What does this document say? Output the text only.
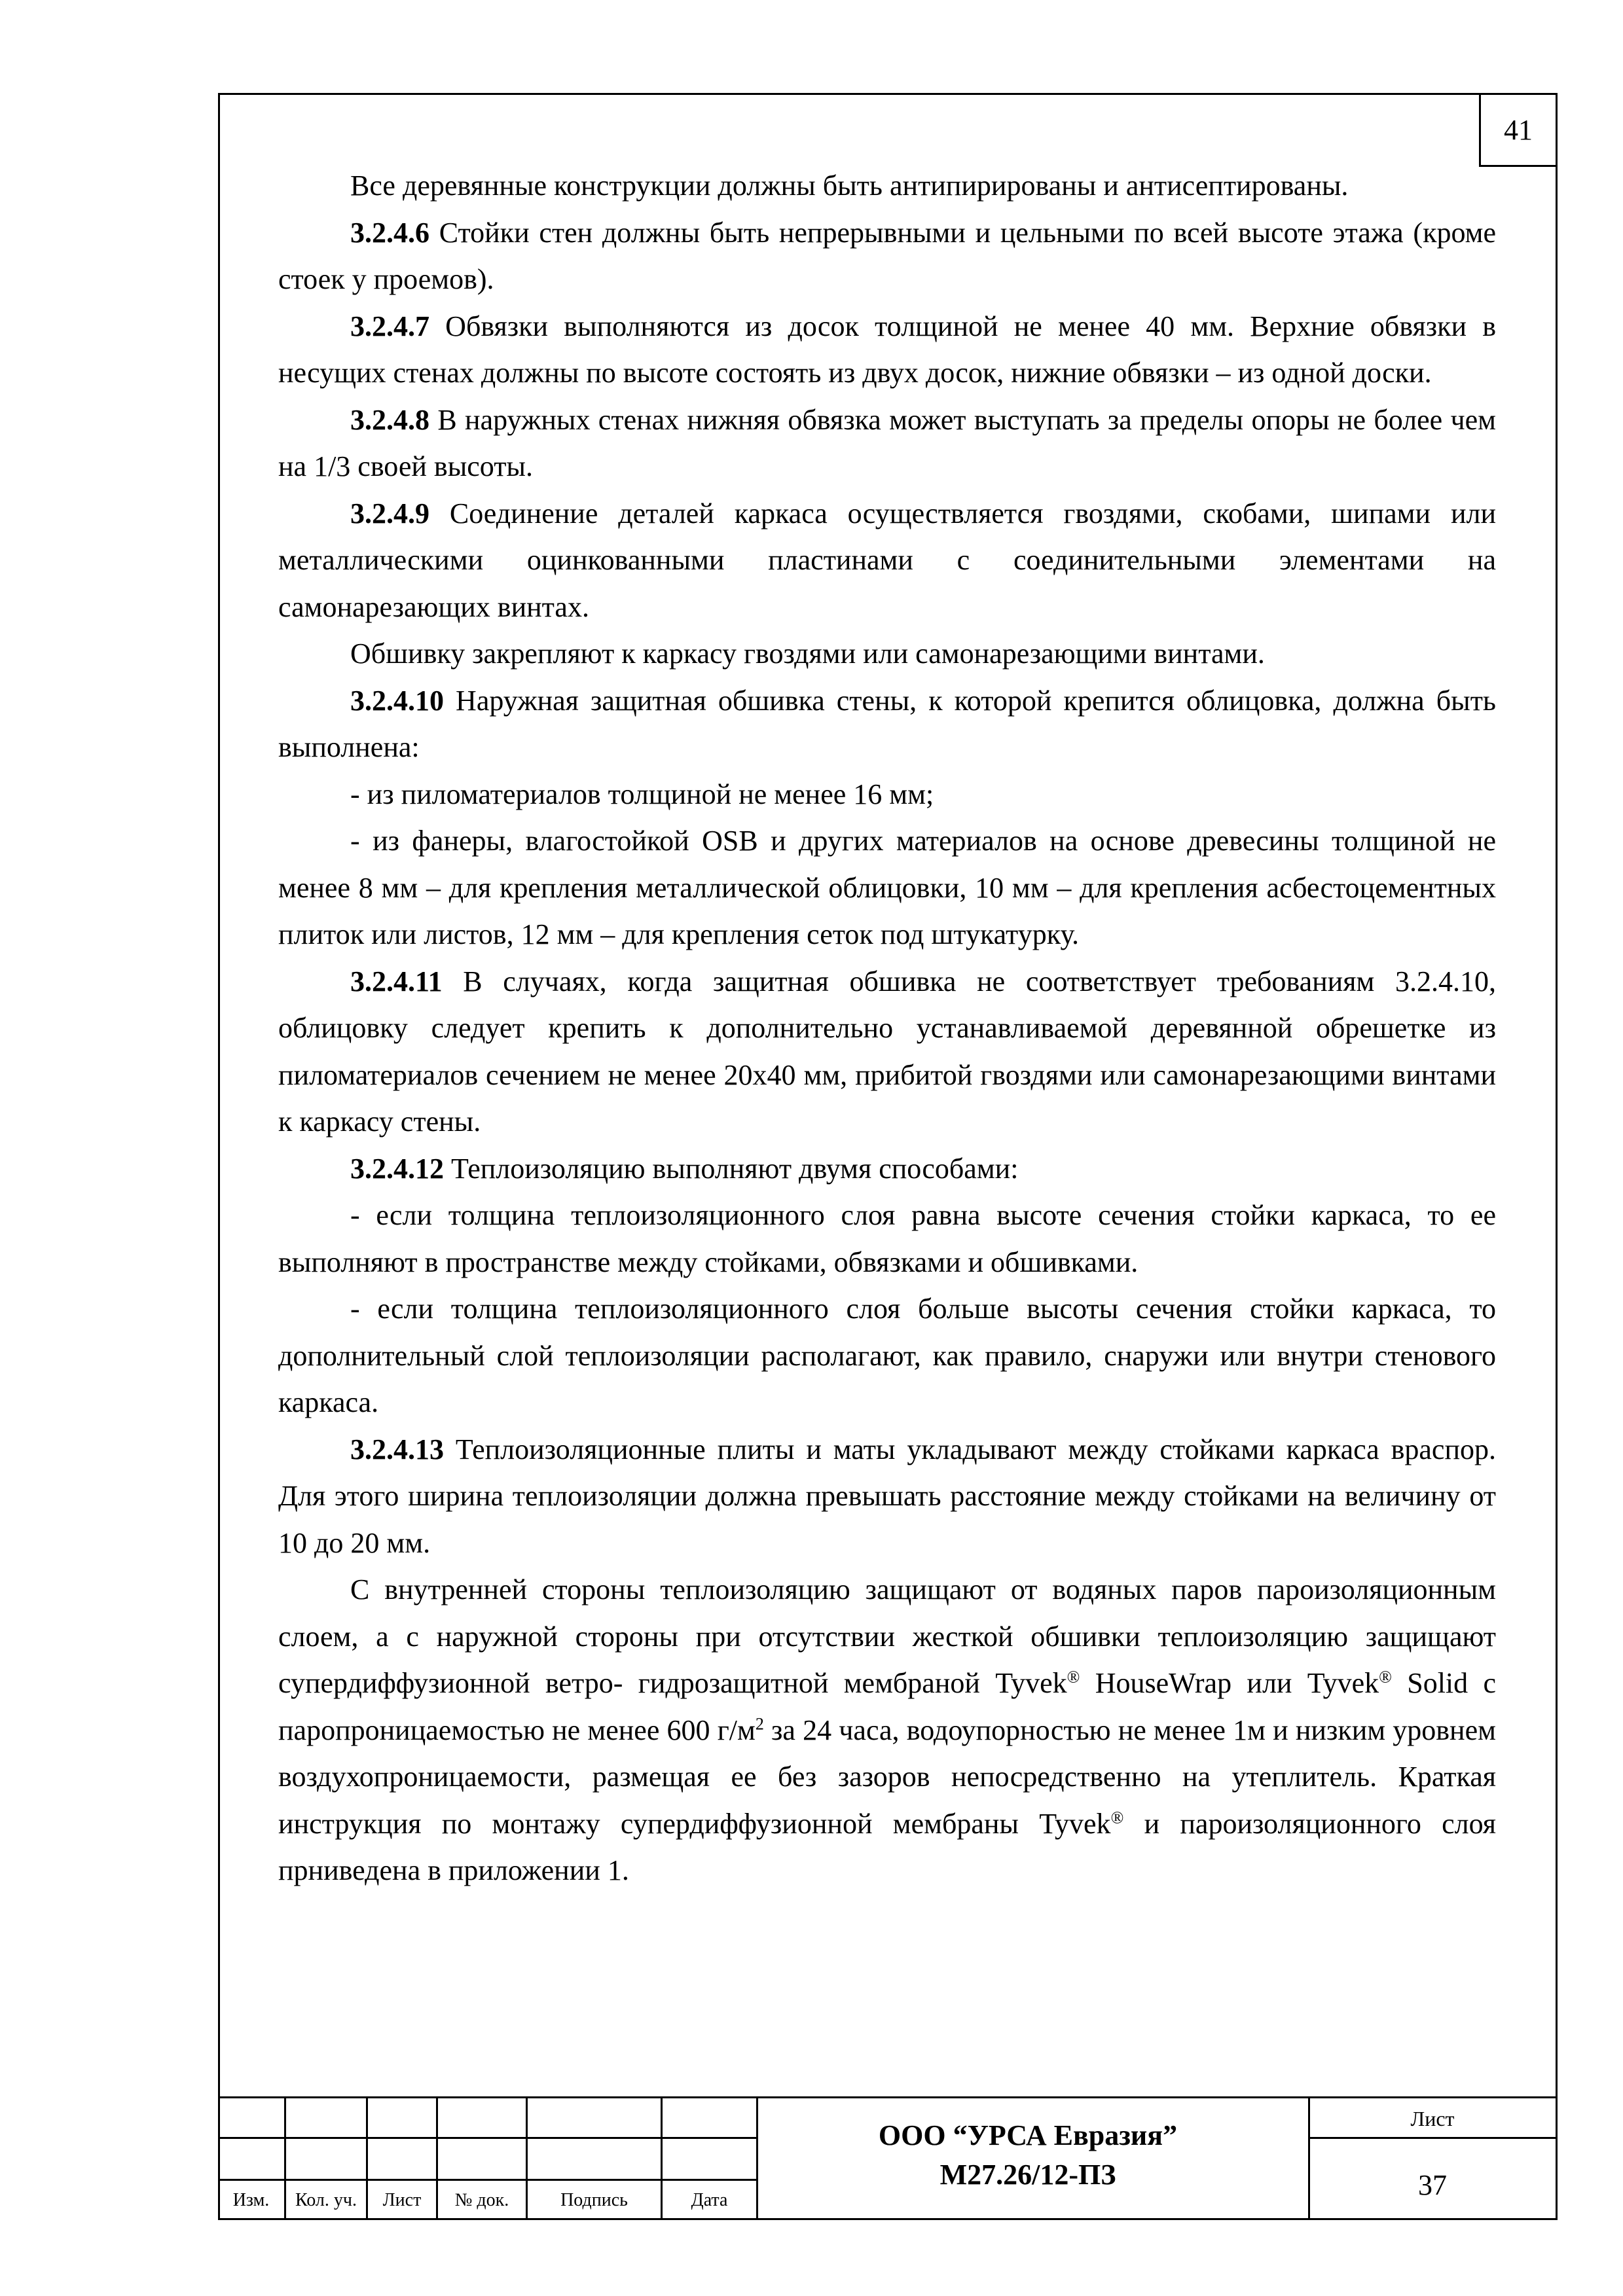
41

Все деревянные конструкции должны быть антипирированы и антисептированы.

3.2.4.6 Стойки стен должны быть непрерывными и цельными по всей высоте этажа (кроме стоек у проемов).

3.2.4.7 Обвязки выполняются из досок толщиной не менее 40 мм. Верхние обвязки в несущих стенах должны по высоте состоять из двух досок, нижние обвязки – из одной доски.

3.2.4.8 В наружных стенах нижняя обвязка может выступать за пределы опоры не более чем на 1/3 своей высоты.

3.2.4.9 Соединение деталей каркаса осуществляется гвоздями, скобами, шипами или металлическими оцинкованными пластинами с соединительными элементами на самонарезающих винтах.

Обшивку закрепляют к каркасу гвоздями или самонарезающими винтами.

3.2.4.10 Наружная защитная обшивка стены, к которой крепится облицовка, должна быть выполнена:

- из пиломатериалов толщиной не менее 16 мм;

- из фанеры, влагостойкой OSB и других материалов на основе древесины толщиной не менее 8 мм – для крепления металлической облицовки, 10 мм – для крепления асбестоцементных плиток или листов, 12 мм – для крепления сеток под штукатурку.

3.2.4.11 В случаях, когда защитная обшивка не соответствует требованиям 3.2.4.10, облицовку следует крепить к дополнительно устанавливаемой деревянной обрешетке из пиломатериалов сечением не менее 20х40 мм, прибитой гвоздями или самонарезающими винтами к каркасу стены.

3.2.4.12 Теплоизоляцию выполняют двумя способами:

- если толщина теплоизоляционного слоя равна высоте сечения стойки каркаса, то ее выполняют в пространстве между стойками, обвязками и обшивками.

- если толщина теплоизоляционного слоя больше высоты сечения стойки каркаса, то дополнительный слой теплоизоляции располагают, как правило, снаружи или внутри стенового каркаса.

3.2.4.13 Теплоизоляционные плиты и маты укладывают между стойками каркаса враспор. Для этого ширина теплоизоляции должна превышать расстояние между стойками на величину от 10 до 20 мм.

С внутренней стороны теплоизоляцию защищают от водяных паров пароизоляционным слоем, а с наружной стороны при отсутствии жесткой обшивки теплоизоляцию защищают супердиффузионной ветро- гидрозащитной мембраной Tyvek® HouseWrap или Tyvek® Solid с паропроницаемостью не менее 600 $г/м^2$ за 24 часа, водоупорностью не менее 1м и низким уровнем воздухопроницаемости, размещая ее без зазоров непосредственно на утеплитель. Краткая инструкция по монтажу супердиффузионной мембраны Tyvek® и пароизоляционного слоя прниведена в приложении 1.

Изм.	Кол. уч.	Лист	№ док.	Подпись	Дата
ООО “УРСА Евразия”
М27.26/12-ПЗ
Лист
37
